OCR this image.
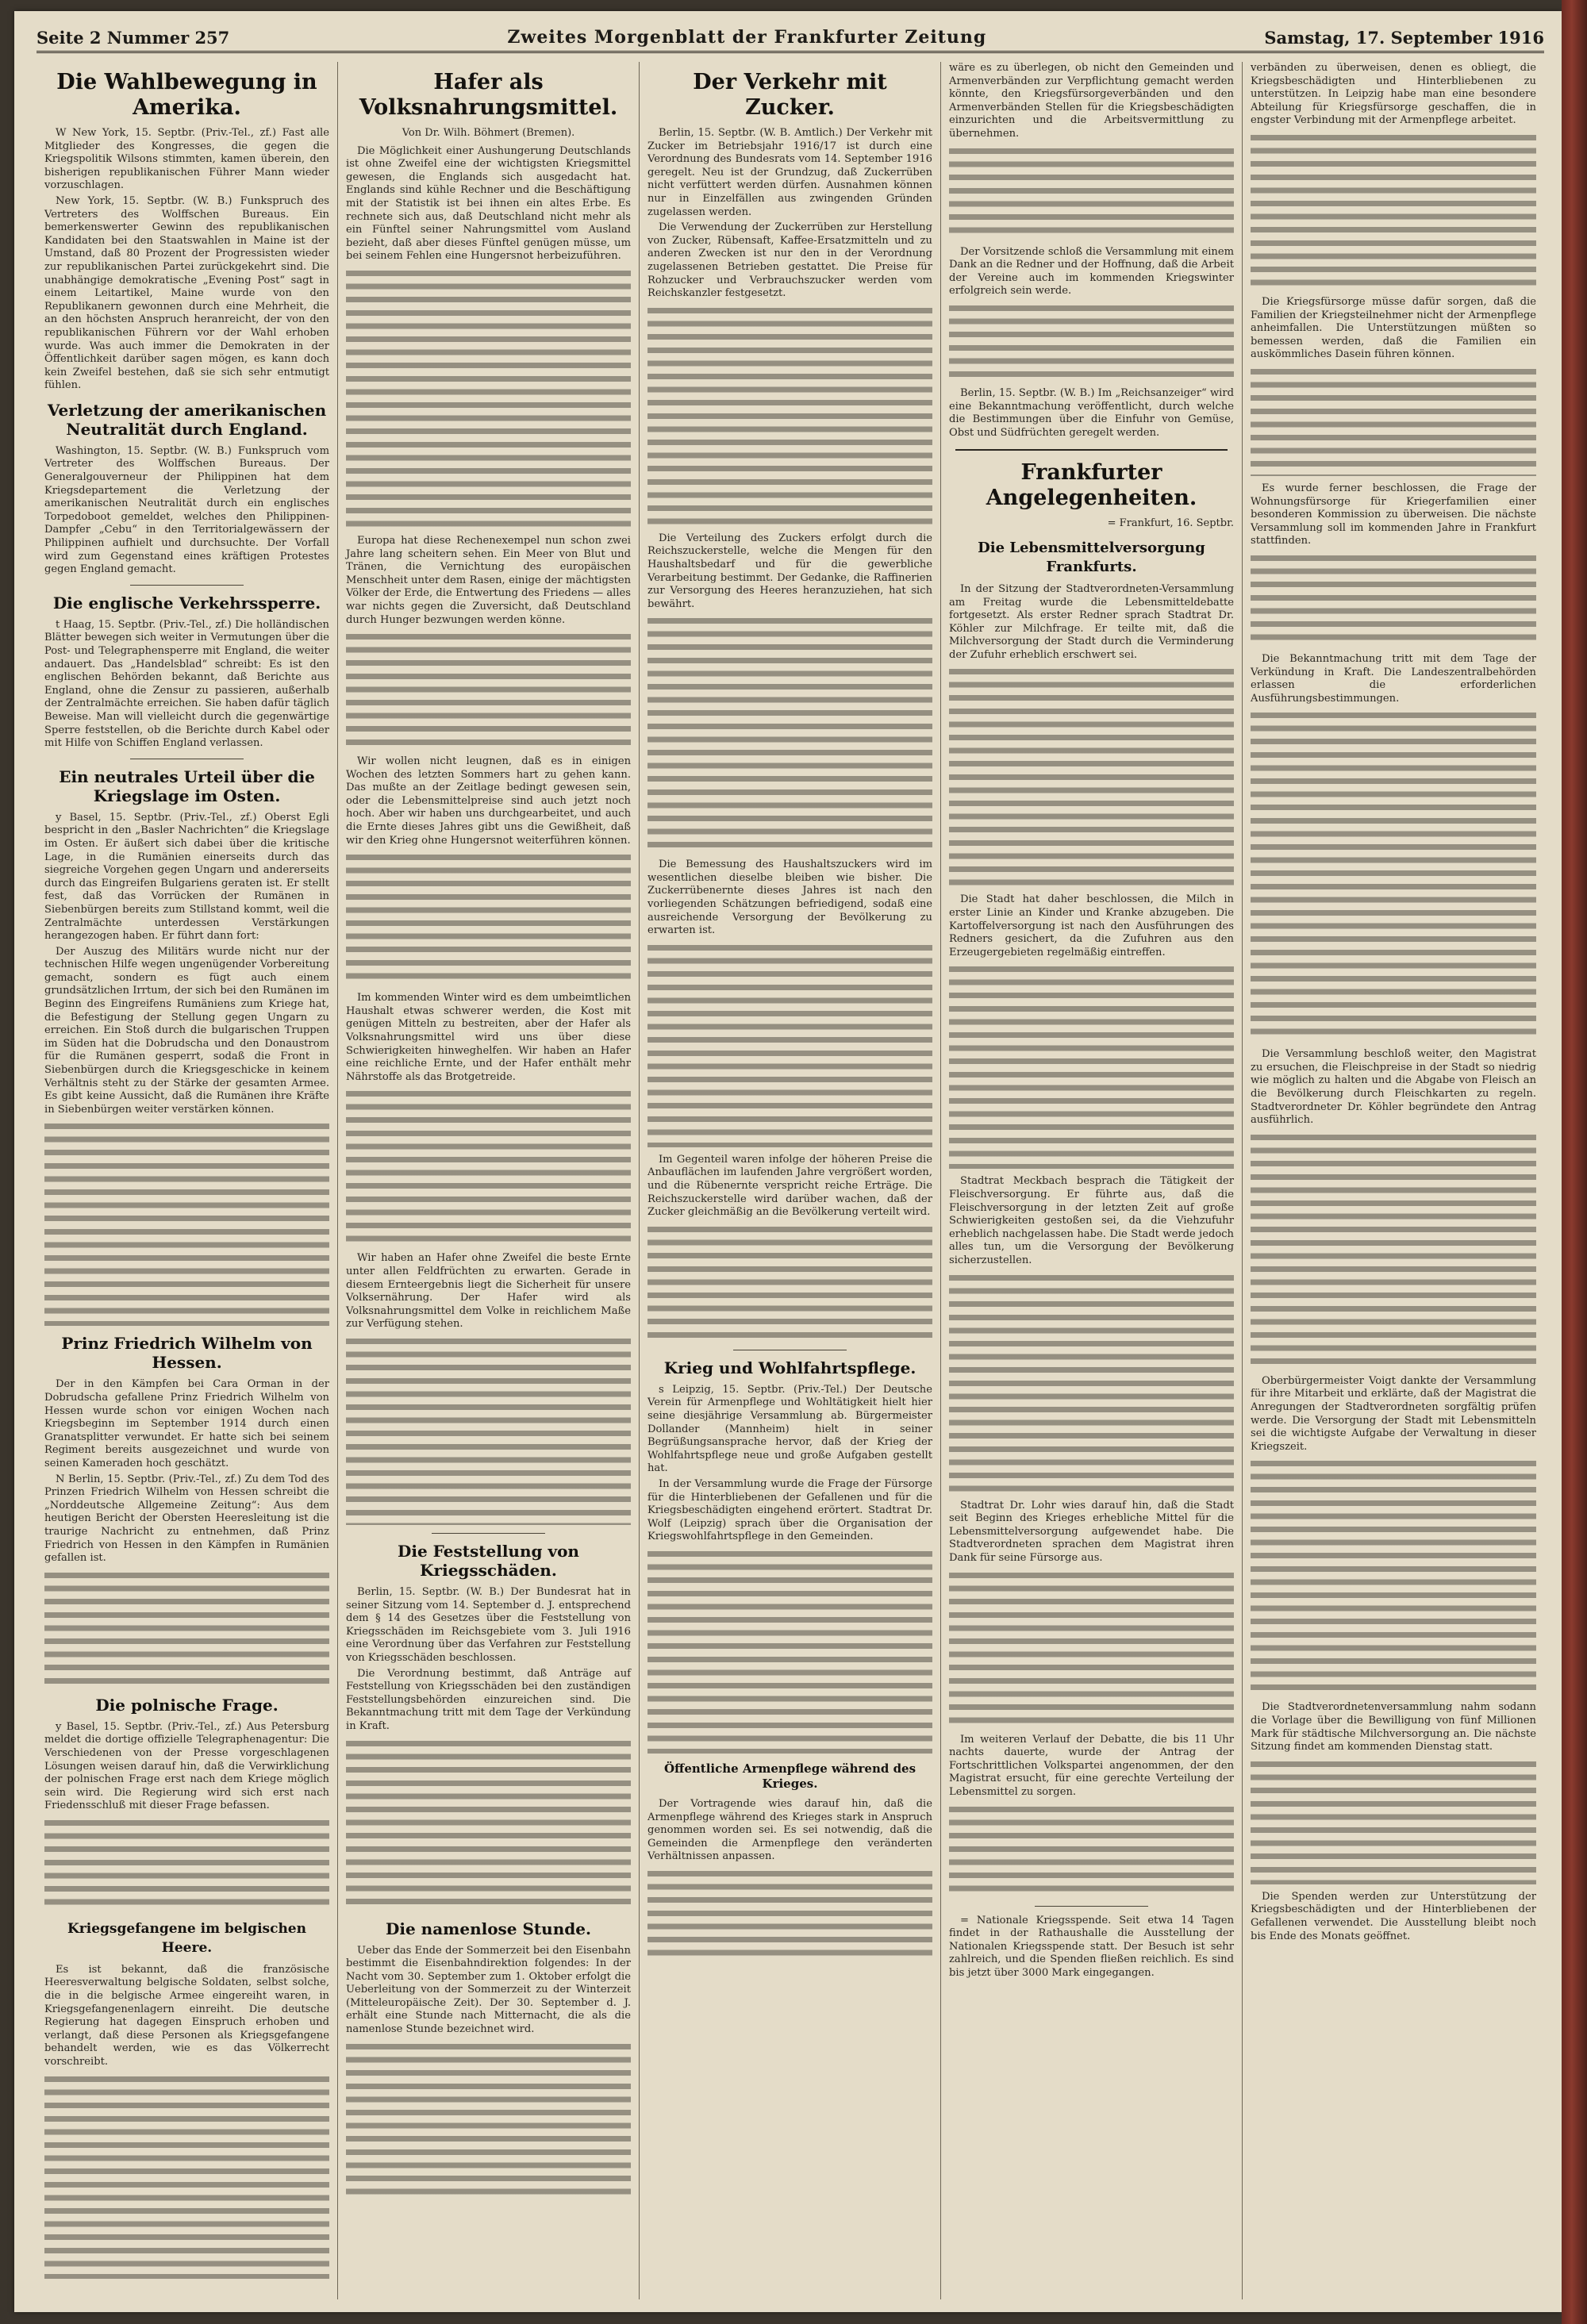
Seite 2 Nummer 257	Zweites Morgenblatt der Frankfurter Zeitung	Samstag, 17. September 1916
Die Wahlbewegung in Amerika.

W New York, 15. Septbr. (Priv.-Tel., zf.) Fast alle Mitglieder des Kongresses, die gegen die Kriegspolitik Wilsons stimmten, kamen überein, den bisherigen republikanischen Führer Mann wieder vorzuschlagen.

New York, 15. Septbr. (W. B.) Funkspruch des Vertreters des Wolffschen Bureaus. Ein bemerkenswerter Gewinn des republikanischen Kandidaten bei den Staatswahlen in Maine ist der Umstand, daß 80 Prozent der Progressisten wieder zur republikanischen Partei zurückgekehrt sind. Die unabhängige demokratische „Evening Post“ sagt in einem Leitartikel, Maine wurde von den Republikanern gewonnen durch eine Mehrheit, die an den höchsten Anspruch heranreicht, der von den republikanischen Führern vor der Wahl erhoben wurde. Was auch immer die Demokraten in der Öffentlichkeit darüber sagen mögen, es kann doch kein Zweifel bestehen, daß sie sich sehr entmutigt fühlen.

Verletzung der amerikanischen Neutralität durch England.

Washington, 15. Septbr. (W. B.) Funkspruch vom Vertreter des Wolffschen Bureaus. Der Generalgouverneur der Philippinen hat dem Kriegsdepartement die Verletzung der amerikanischen Neutralität durch ein englisches Torpedoboot gemeldet, welches den Philippinen-Dampfer „Cebu“ in den Territorialgewässern der Philippinen aufhielt und durchsuchte. Der Vorfall wird zum Gegenstand eines kräftigen Protestes gegen England gemacht.

Die englische Verkehrssperre.

t Haag, 15. Septbr. (Priv.-Tel., zf.) Die holländischen Blätter bewegen sich weiter in Vermutungen über die Post- und Telegraphensperre mit England, die weiter andauert. Das „Handelsblad“ schreibt: Es ist den englischen Behörden bekannt, daß Berichte aus England, ohne die Zensur zu passieren, außerhalb der Zentralmächte erreichen. Sie haben dafür täglich Beweise. Man will vielleicht durch die gegenwärtige Sperre feststellen, ob die Berichte durch Kabel oder mit Hilfe von Schiffen England verlassen.

Ein neutrales Urteil über die Kriegslage im Osten.

y Basel, 15. Septbr. (Priv.-Tel., zf.) Oberst Egli bespricht in den „Basler Nachrichten“ die Kriegslage im Osten. Er äußert sich dabei über die kritische Lage, in die Rumänien einerseits durch das siegreiche Vorgehen gegen Ungarn und andererseits durch das Eingreifen Bulgariens geraten ist. Er stellt fest, daß das Vorrücken der Rumänen in Siebenbürgen bereits zum Stillstand kommt, weil die Zentralmächte unterdessen Verstärkungen herangezogen haben. Er führt dann fort:

Der Auszug des Militärs wurde nicht nur der technischen Hilfe wegen ungenügender Vorbereitung gemacht, sondern es fügt auch einem grundsätzlichen Irrtum, der sich bei den Rumänen im Beginn des Eingreifens Rumäniens zum Kriege hat, die Befestigung der Stellung gegen Ungarn zu erreichen. Ein Stoß durch die bulgarischen Truppen im Süden hat die Dobrudscha und den Donaustrom für die Rumänen gesperrt, sodaß die Front in Siebenbürgen durch die Kriegsgeschicke in keinem Verhältnis steht zu der Stärke der gesamten Armee. Es gibt keine Aussicht, daß die Rumänen ihre Kräfte in Siebenbürgen weiter verstärken können.

Prinz Friedrich Wilhelm von Hessen.

Der in den Kämpfen bei Cara Orman in der Dobrudscha gefallene Prinz Friedrich Wilhelm von Hessen wurde schon vor einigen Wochen nach Kriegsbeginn im September 1914 durch einen Granatsplitter verwundet. Er hatte sich bei seinem Regiment bereits ausgezeichnet und wurde von seinen Kameraden hoch geschätzt.

N Berlin, 15. Septbr. (Priv.-Tel., zf.) Zu dem Tod des Prinzen Friedrich Wilhelm von Hessen schreibt die „Norddeutsche Allgemeine Zeitung“: Aus dem heutigen Bericht der Obersten Heeresleitung ist die traurige Nachricht zu entnehmen, daß Prinz Friedrich von Hessen in den Kämpfen in Rumänien gefallen ist.

Die polnische Frage.

y Basel, 15. Septbr. (Priv.-Tel., zf.) Aus Petersburg meldet die dortige offizielle Telegraphenagentur: Die Verschiedenen von der Presse vorgeschlagenen Lösungen weisen darauf hin, daß die Verwirklichung der polnischen Frage erst nach dem Kriege möglich sein wird. Die Regierung wird sich erst nach Friedensschluß mit dieser Frage befassen.

Kriegsgefangene im belgischen Heere.

Es ist bekannt, daß die französische Heeresverwaltung belgische Soldaten, selbst solche, die in die belgische Armee eingereiht waren, in Kriegsgefangenenlagern einreiht. Die deutsche Regierung hat dagegen Einspruch erhoben und verlangt, daß diese Personen als Kriegsgefangene behandelt werden, wie es das Völkerrecht vorschreibt.

Hafer als Volksnahrungsmittel.
Von Dr. Wilh. Böhmert (Bremen).

Die Möglichkeit einer Aushungerung Deutschlands ist ohne Zweifel eine der wichtigsten Kriegsmittel gewesen, die Englands sich ausgedacht hat. Englands sind kühle Rechner und die Beschäftigung mit der Statistik ist bei ihnen ein altes Erbe. Es rechnete sich aus, daß Deutschland nicht mehr als ein Fünftel seiner Nahrungsmittel vom Ausland bezieht, daß aber dieses Fünftel genügen müsse, um bei seinem Fehlen eine Hungersnot herbeizuführen.

Europa hat diese Rechenexempel nun schon zwei Jahre lang scheitern sehen. Ein Meer von Blut und Tränen, die Vernichtung des europäischen Menschheit unter dem Rasen, einige der mächtigsten Völker der Erde, die Entwertung des Friedens — alles war nichts gegen die Zuversicht, daß Deutschland durch Hunger bezwungen werden könne.

Wir wollen nicht leugnen, daß es in einigen Wochen des letzten Sommers hart zu gehen kann. Das mußte an der Zeitlage bedingt gewesen sein, oder die Lebensmittelpreise sind auch jetzt noch hoch. Aber wir haben uns durchgearbeitet, und auch die Ernte dieses Jahres gibt uns die Gewißheit, daß wir den Krieg ohne Hungersnot weiterführen können.

Im kommenden Winter wird es dem umbeimtlichen Haushalt etwas schwerer werden, die Kost mit genügen Mitteln zu bestreiten, aber der Hafer als Volksnahrungsmittel wird uns über diese Schwierigkeiten hinweghelfen. Wir haben an Hafer eine reichliche Ernte, und der Hafer enthält mehr Nährstoffe als das Brotgetreide.

Wir haben an Hafer ohne Zweifel die beste Ernte unter allen Feldfrüchten zu erwarten. Gerade in diesem Ernteergebnis liegt die Sicherheit für unsere Volksernährung. Der Hafer wird als Volksnahrungsmittel dem Volke in reichlichem Maße zur Verfügung stehen.

Die Feststellung von Kriegsschäden.

Berlin, 15. Septbr. (W. B.) Der Bundesrat hat in seiner Sitzung vom 14. September d. J. entsprechend dem § 14 des Gesetzes über die Feststellung von Kriegsschäden im Reichsgebiete vom 3. Juli 1916 eine Verordnung über das Verfahren zur Feststellung von Kriegsschäden beschlossen.

Die Verordnung bestimmt, daß Anträge auf Feststellung von Kriegsschäden bei den zuständigen Feststellungsbehörden einzureichen sind. Die Bekanntmachung tritt mit dem Tage der Verkündung in Kraft.

Die namenlose Stunde.

Ueber das Ende der Sommerzeit bei den Eisenbahn bestimmt die Eisenbahndirektion folgendes: In der Nacht vom 30. September zum 1. Oktober erfolgt die Ueberleitung von der Sommerzeit zu der Winterzeit (Mitteleuropäische Zeit). Der 30. September d. J. erhält eine Stunde nach Mitternacht, die als die namenlose Stunde bezeichnet wird.

Der Verkehr mit Zucker.

Berlin, 15. Septbr. (W. B. Amtlich.) Der Verkehr mit Zucker im Betriebsjahr 1916/17 ist durch eine Verordnung des Bundesrats vom 14. September 1916 geregelt. Neu ist der Grundzug, daß Zuckerrüben nicht verfüttert werden dürfen. Ausnahmen können nur in Einzelfällen aus zwingenden Gründen zugelassen werden.

Die Verwendung der Zuckerrüben zur Herstellung von Zucker, Rübensaft, Kaffee-Ersatzmitteln und zu anderen Zwecken ist nur den in der Verordnung zugelassenen Betrieben gestattet. Die Preise für Rohzucker und Verbrauchszucker werden vom Reichskanzler festgesetzt.

Die Verteilung des Zuckers erfolgt durch die Reichszuckerstelle, welche die Mengen für den Haushaltsbedarf und für die gewerbliche Verarbeitung bestimmt. Der Gedanke, die Raffinerien zur Versorgung des Heeres heranzuziehen, hat sich bewährt.

Die Bemessung des Haushaltszuckers wird im wesentlichen dieselbe bleiben wie bisher. Die Zuckerrübenernte dieses Jahres ist nach den vorliegenden Schätzungen befriedigend, sodaß eine ausreichende Versorgung der Bevölkerung zu erwarten ist.

Im Gegenteil waren infolge der höheren Preise die Anbauflächen im laufenden Jahre vergrößert worden, und die Rübenernte verspricht reiche Erträge. Die Reichszuckerstelle wird darüber wachen, daß der Zucker gleichmäßig an die Bevölkerung verteilt wird.

Krieg und Wohlfahrtspflege.

s Leipzig, 15. Septbr. (Priv.-Tel.) Der Deutsche Verein für Armenpflege und Wohltätigkeit hielt hier seine diesjährige Versammlung ab. Bürgermeister Dollander (Mannheim) hielt in seiner Begrüßungsansprache hervor, daß der Krieg der Wohlfahrtspflege neue und große Aufgaben gestellt hat.

In der Versammlung wurde die Frage der Fürsorge für die Hinterbliebenen der Gefallenen und für die Kriegsbeschädigten eingehend erörtert. Stadtrat Dr. Wolf (Leipzig) sprach über die Organisation der Kriegswohlfahrtspflege in den Gemeinden.

Öffentliche Armenpflege während des Krieges.

Der Vortragende wies darauf hin, daß die Armenpflege während des Krieges stark in Anspruch genommen worden sei. Es sei notwendig, daß die Gemeinden die Armenpflege den veränderten Verhältnissen anpassen.

wäre es zu überlegen, ob nicht den Gemeinden und Armenverbänden zur Verpflichtung gemacht werden könnte, den Kriegsfürsorgeverbänden und den Armenverbänden Stellen für die Kriegsbeschädigten einzurichten und die Arbeitsvermittlung zu übernehmen.

Der Vorsitzende schloß die Versammlung mit einem Dank an die Redner und der Hoffnung, daß die Arbeit der Vereine auch im kommenden Kriegswinter erfolgreich sein werde.

Berlin, 15. Septbr. (W. B.) Im „Reichsanzeiger“ wird eine Bekanntmachung veröffentlicht, durch welche die Bestimmungen über die Einfuhr von Gemüse, Obst und Südfrüchten geregelt werden.

Frankfurter Angelegenheiten.
= Frankfurt, 16. Septbr.
Die Lebensmittelversorgung Frankfurts.

In der Sitzung der Stadtverordneten-Versammlung am Freitag wurde die Lebensmitteldebatte fortgesetzt. Als erster Redner sprach Stadtrat Dr. Köhler zur Milchfrage. Er teilte mit, daß die Milchversorgung der Stadt durch die Verminderung der Zufuhr erheblich erschwert sei.

Die Stadt hat daher beschlossen, die Milch in erster Linie an Kinder und Kranke abzugeben. Die Kartoffelversorgung ist nach den Ausführungen des Redners gesichert, da die Zufuhren aus den Erzeugergebieten regelmäßig eintreffen.

Stadtrat Meckbach besprach die Tätigkeit der Fleischversorgung. Er führte aus, daß die Fleischversorgung in der letzten Zeit auf große Schwierigkeiten gestoßen sei, da die Viehzufuhr erheblich nachgelassen habe. Die Stadt werde jedoch alles tun, um die Versorgung der Bevölkerung sicherzustellen.

Stadtrat Dr. Lohr wies darauf hin, daß die Stadt seit Beginn des Krieges erhebliche Mittel für die Lebensmittelversorgung aufgewendet habe. Die Stadtverordneten sprachen dem Magistrat ihren Dank für seine Fürsorge aus.

Im weiteren Verlauf der Debatte, die bis 11 Uhr nachts dauerte, wurde der Antrag der Fortschrittlichen Volkspartei angenommen, der den Magistrat ersucht, für eine gerechte Verteilung der Lebensmittel zu sorgen.

= Nationale Kriegsspende. Seit etwa 14 Tagen findet in der Rathaushalle die Ausstellung der Nationalen Kriegsspende statt. Der Besuch ist sehr zahlreich, und die Spenden fließen reichlich. Es sind bis jetzt über 3000 Mark eingegangen.

verbänden zu überweisen, denen es obliegt, die Kriegsbeschädigten und Hinterbliebenen zu unterstützen. In Leipzig habe man eine besondere Abteilung für Kriegsfürsorge geschaffen, die in engster Verbindung mit der Armenpflege arbeitet.

Die Kriegsfürsorge müsse dafür sorgen, daß die Familien der Kriegsteilnehmer nicht der Armenpflege anheimfallen. Die Unterstützungen müßten so bemessen werden, daß die Familien ein auskömmliches Dasein führen können.

Es wurde ferner beschlossen, die Frage der Wohnungsfürsorge für Kriegerfamilien einer besonderen Kommission zu überweisen. Die nächste Versammlung soll im kommenden Jahre in Frankfurt stattfinden.

Die Bekanntmachung tritt mit dem Tage der Verkündung in Kraft. Die Landeszentralbehörden erlassen die erforderlichen Ausführungsbestimmungen.

Die Versammlung beschloß weiter, den Magistrat zu ersuchen, die Fleischpreise in der Stadt so niedrig wie möglich zu halten und die Abgabe von Fleisch an die Bevölkerung durch Fleischkarten zu regeln. Stadtverordneter Dr. Köhler begründete den Antrag ausführlich.

Oberbürgermeister Voigt dankte der Versammlung für ihre Mitarbeit und erklärte, daß der Magistrat die Anregungen der Stadtverordneten sorgfältig prüfen werde. Die Versorgung der Stadt mit Lebensmitteln sei die wichtigste Aufgabe der Verwaltung in dieser Kriegszeit.

Die Stadtverordnetenversammlung nahm sodann die Vorlage über die Bewilligung von fünf Millionen Mark für städtische Milchversorgung an. Die nächste Sitzung findet am kommenden Dienstag statt.

Die Spenden werden zur Unterstützung der Kriegsbeschädigten und der Hinterbliebenen der Gefallenen verwendet. Die Ausstellung bleibt noch bis Ende des Monats geöffnet.
